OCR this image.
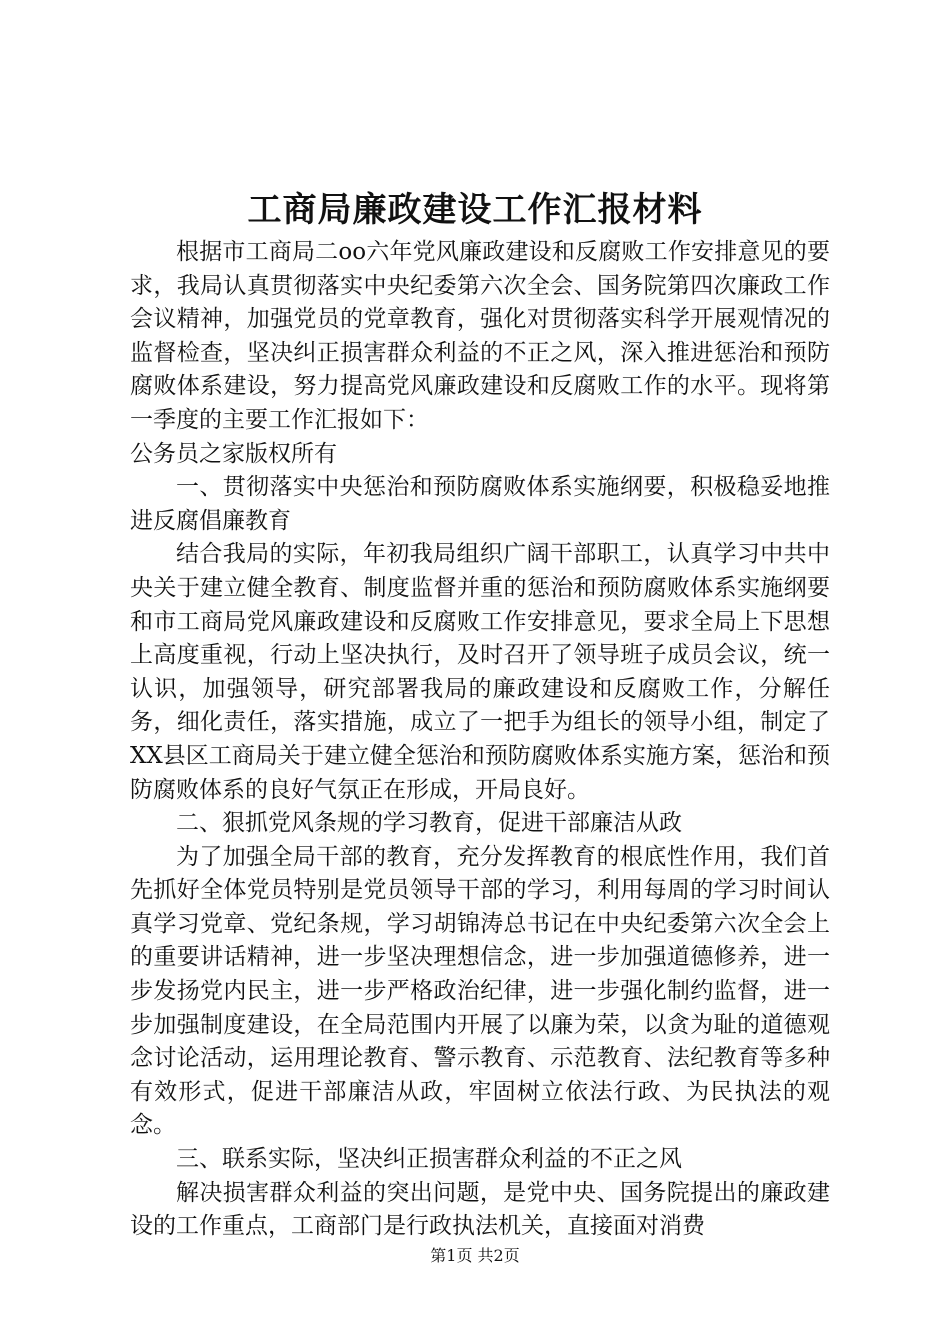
工商局廉政建设工作汇报材料

根据市工商局二oo六年党风廉政建设和反腐败工作安排意见的要求，我局认真贯彻落实中央纪委第六次全会、国务院第四次廉政工作会议精神，加强党员的党章教育，强化对贯彻落实科学开展观情况的监督检查，坚决纠正损害群众利益的不正之风，深入推进惩治和预防腐败体系建设，努力提高党风廉政建设和反腐败工作的水平。现将第一季度的主要工作汇报如下：

公务员之家版权所有

一、贯彻落实中央惩治和预防腐败体系实施纲要，积极稳妥地推进反腐倡廉教育

结合我局的实际，年初我局组织广阔干部职工，认真学习中共中央关于建立健全教育、制度监督并重的惩治和预防腐败体系实施纲要和市工商局党风廉政建设和反腐败工作安排意见，要求全局上下思想上高度重视，行动上坚决执行，及时召开了领导班子成员会议，统一认识，加强领导，研究部署我局的廉政建设和反腐败工作，分解任务，细化责任，落实措施，成立了一把手为组长的领导小组，制定了XX县区工商局关于建立健全惩治和预防腐败体系实施方案，惩治和预防腐败体系的良好气氛正在形成，开局良好。

二、狠抓党风条规的学习教育，促进干部廉洁从政

为了加强全局干部的教育，充分发挥教育的根底性作用，我们首先抓好全体党员特别是党员领导干部的学习，利用每周的学习时间认真学习党章、党纪条规，学习胡锦涛总书记在中央纪委第六次全会上的重要讲话精神，进一步坚决理想信念，进一步加强道德修养，进一步发扬党内民主，进一步严格政治纪律，进一步强化制约监督，进一步加强制度建设，在全局范围内开展了以廉为荣，以贪为耻的道德观念讨论活动，运用理论教育、警示教育、示范教育、法纪教育等多种有效形式，促进干部廉洁从政，牢固树立依法行政、为民执法的观念。

三、联系实际，坚决纠正损害群众利益的不正之风

解决损害群众利益的突出问题，是党中央、国务院提出的廉政建设的工作重点，工商部门是行政执法机关，直接面对消费

第1页 共2页
